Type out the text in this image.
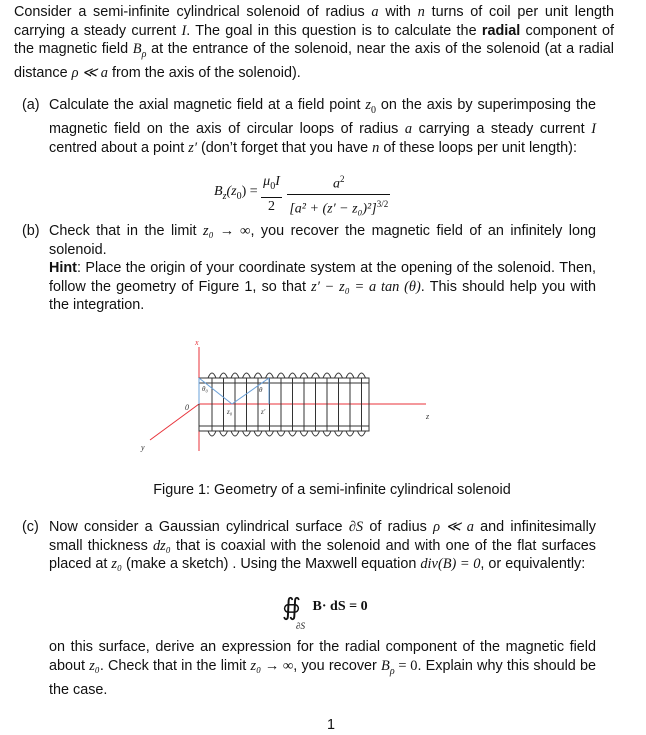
Consider a semi-infinite cylindrical solenoid of radius a with n turns of coil per unit length carrying a steady current I. The goal in this question is to calculate the radial component of the magnetic field $B_\rho$ at the entrance of the solenoid, near the axis of the solenoid (at a radial distance ρ ≪ a from the axis of the solenoid).

(a) Calculate the axial magnetic field at a field point $z_0$ on the axis by superimposing the magnetic field on the axis of circular loops of radius a carrying a steady current I centred about a point z′ (don’t forget that you have n of these loops per unit length):

$B_z(z_0) = \frac{\mu_0I}{2}$
$\frac{a^2}{[a^2 + (z' - z_0)^2]^{3/2}}$
(b) Check that in the limit z₀ → ∞, you recover the magnetic field of an infinitely long solenoid.
Hint: Place the origin of your coordinate system at the opening of the solenoid. Then, follow the geometry of Figure 1, so that z′ − z₀ = a tan (θ). This should help you with the integration.

x
z
y
0
θ₀	θ
z₀	z′
Figure 1: Geometry of a semi-infinite cylindrical solenoid
(c) Now consider a Gaussian cylindrical surface ∂S of radius ρ ≪ a and infinitesimally small thickness dz₀ that is coaxial with the solenoid and with one of the flat surfaces placed at z₀ (make a sketch) . Using the Maxwell equation div(B) = 0, or equivalently:

∯
∂S
B· dS = 0

on this surface, derive an expression for the radial component of the magnetic field about z₀. Check that in the limit z₀ → ∞, you recover $B_\rho = 0$. Explain why this should be the case.

1
